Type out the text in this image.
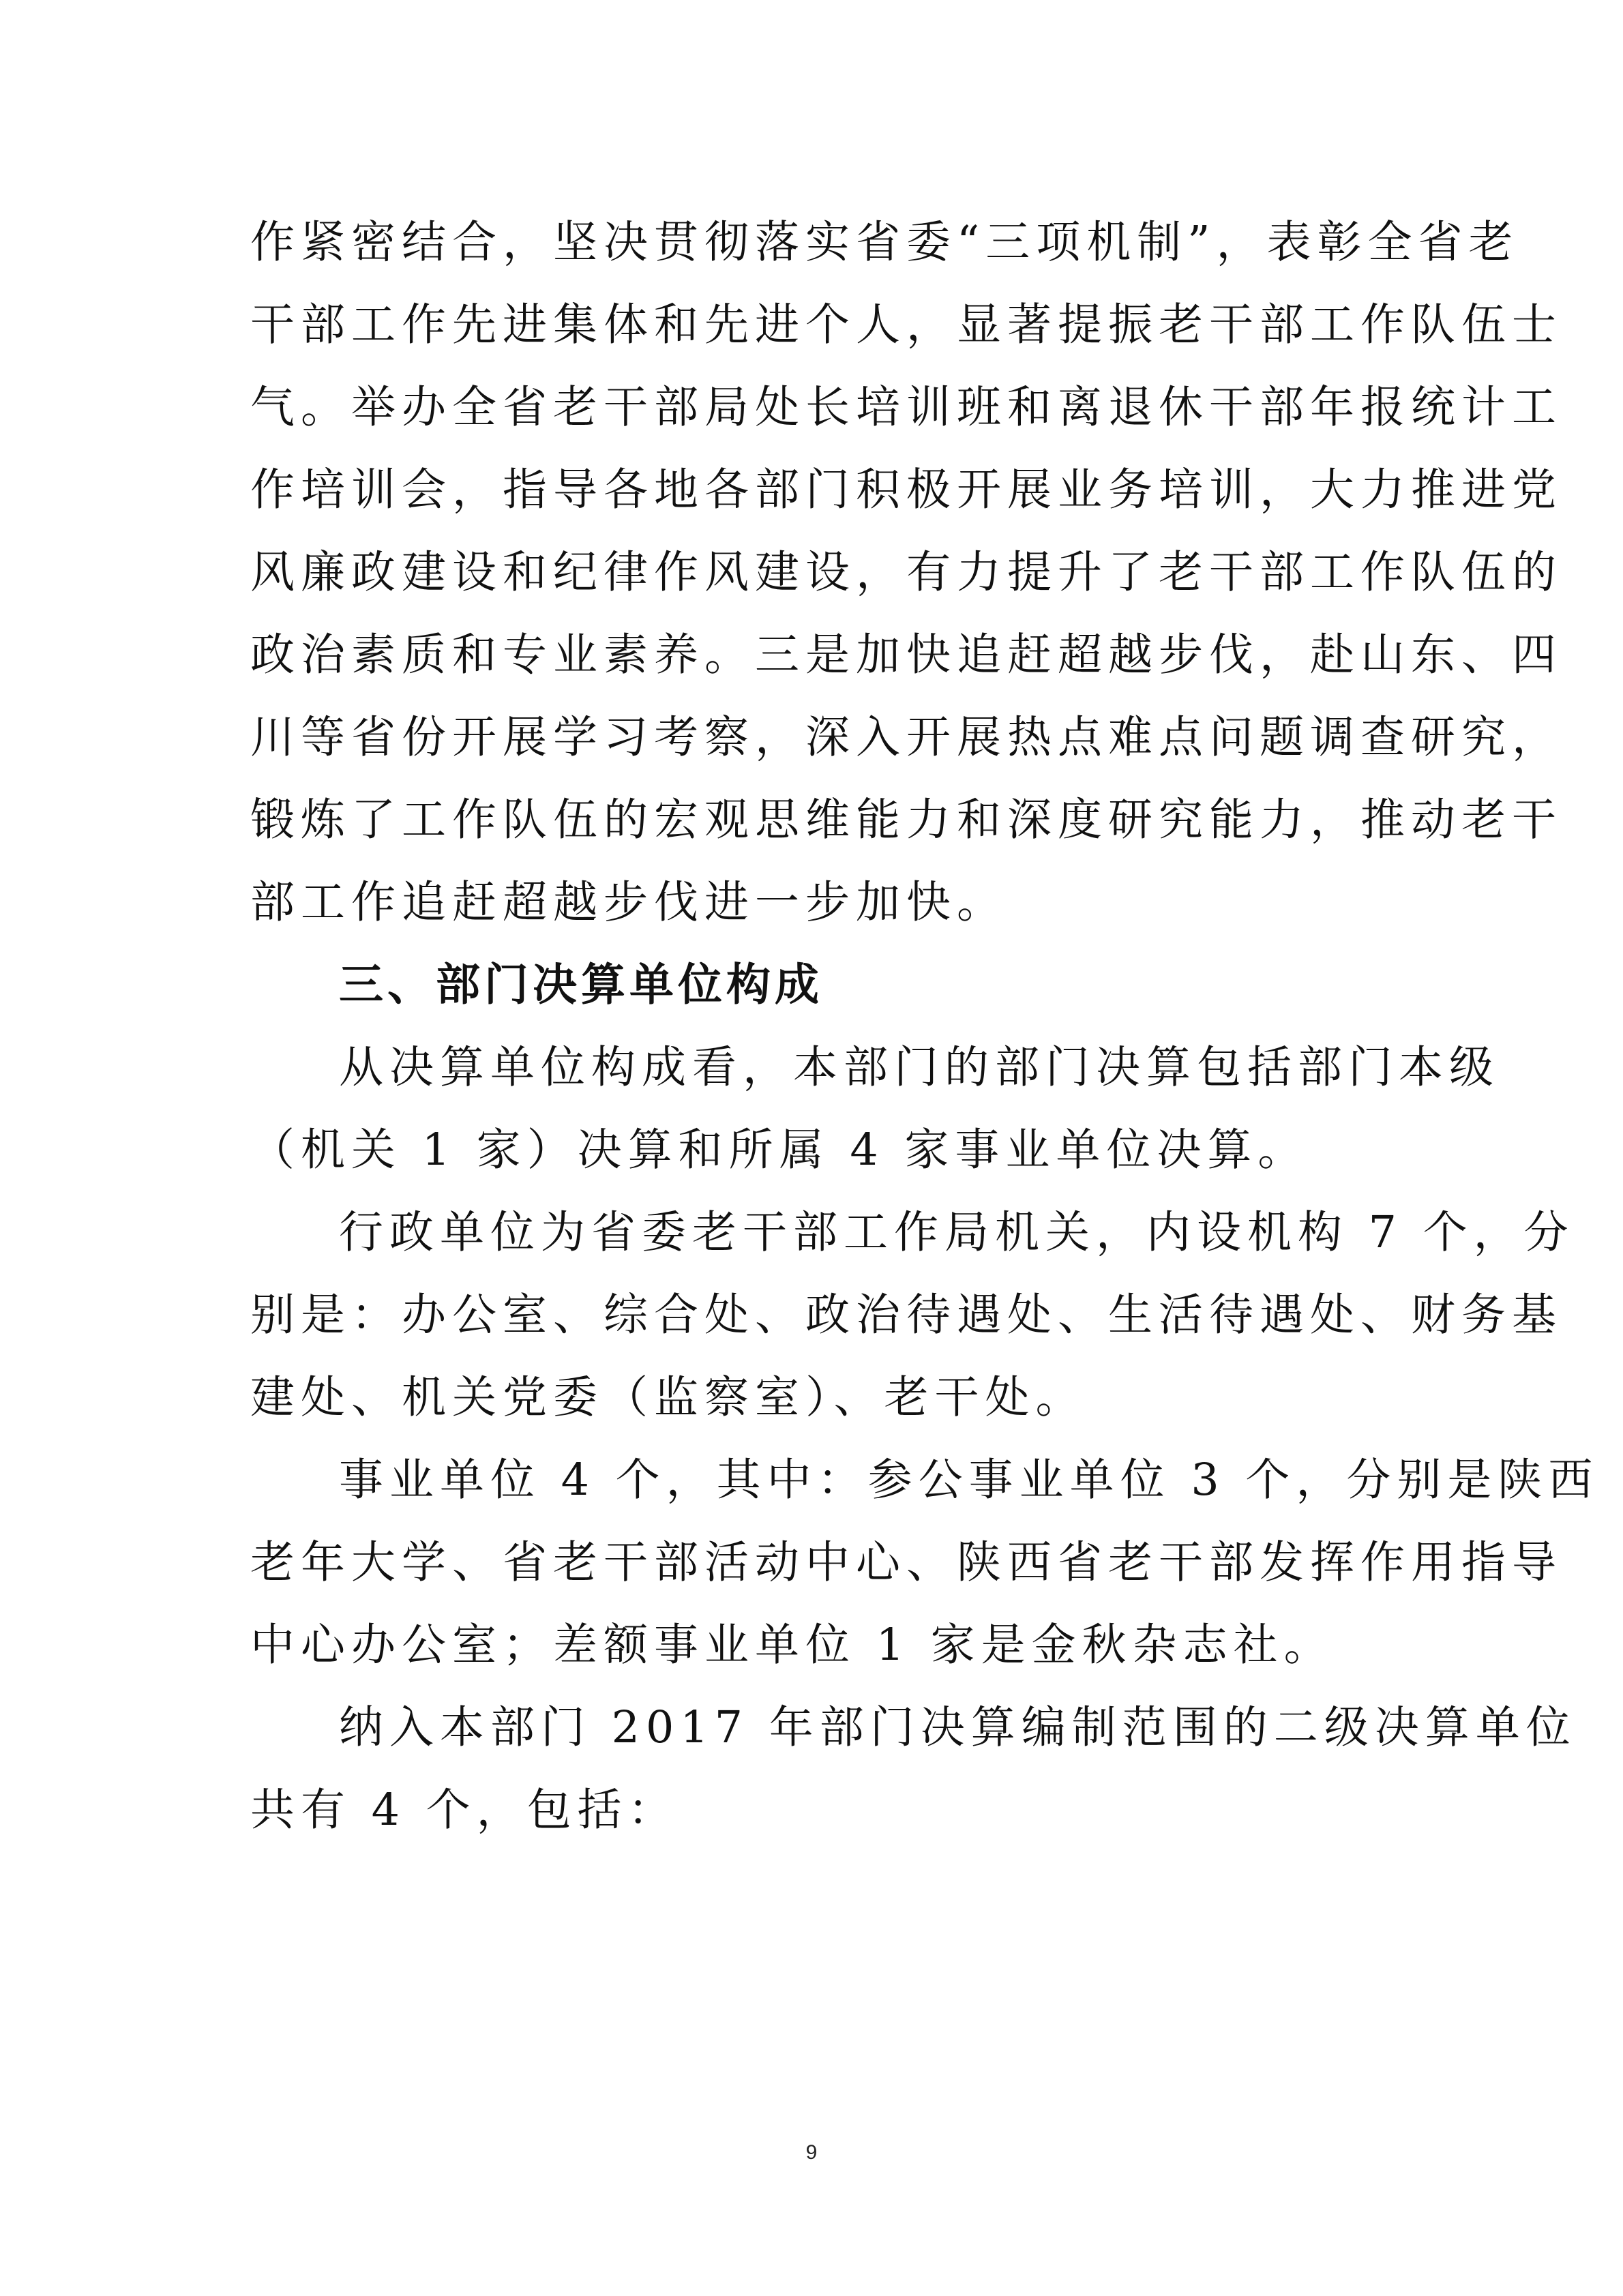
作紧密结合，坚决贯彻落实省委“三项机制”，表彰全省老
干部工作先进集体和先进个人，显著提振老干部工作队伍士
气。举办全省老干部局处长培训班和离退休干部年报统计工
作培训会，指导各地各部门积极开展业务培训，大力推进党
风廉政建设和纪律作风建设，有力提升了老干部工作队伍的
政治素质和专业素养。三是加快追赶超越步伐，赴山东、四
川等省份开展学习考察，深入开展热点难点问题调查研究，
锻炼了工作队伍的宏观思维能力和深度研究能力，推动老干
部工作追赶超越步伐进一步加快。
三、部门决算单位构成
从决算单位构成看，本部门的部门决算包括部门本级
（机关 1 家）决算和所属 4 家事业单位决算。
行政单位为省委老干部工作局机关，内设机构 7 个，分
别是：办公室、综合处、政治待遇处、生活待遇处、财务基
建处、机关党委（监察室）、老干处。
事业单位 4 个，其中：参公事业单位 3 个，分别是陕西
老年大学、省老干部活动中心、陕西省老干部发挥作用指导
中心办公室；差额事业单位 1 家是金秋杂志社。
纳入本部门 2017 年部门决算编制范围的二级决算单位
共有 4 个，包括：
9
